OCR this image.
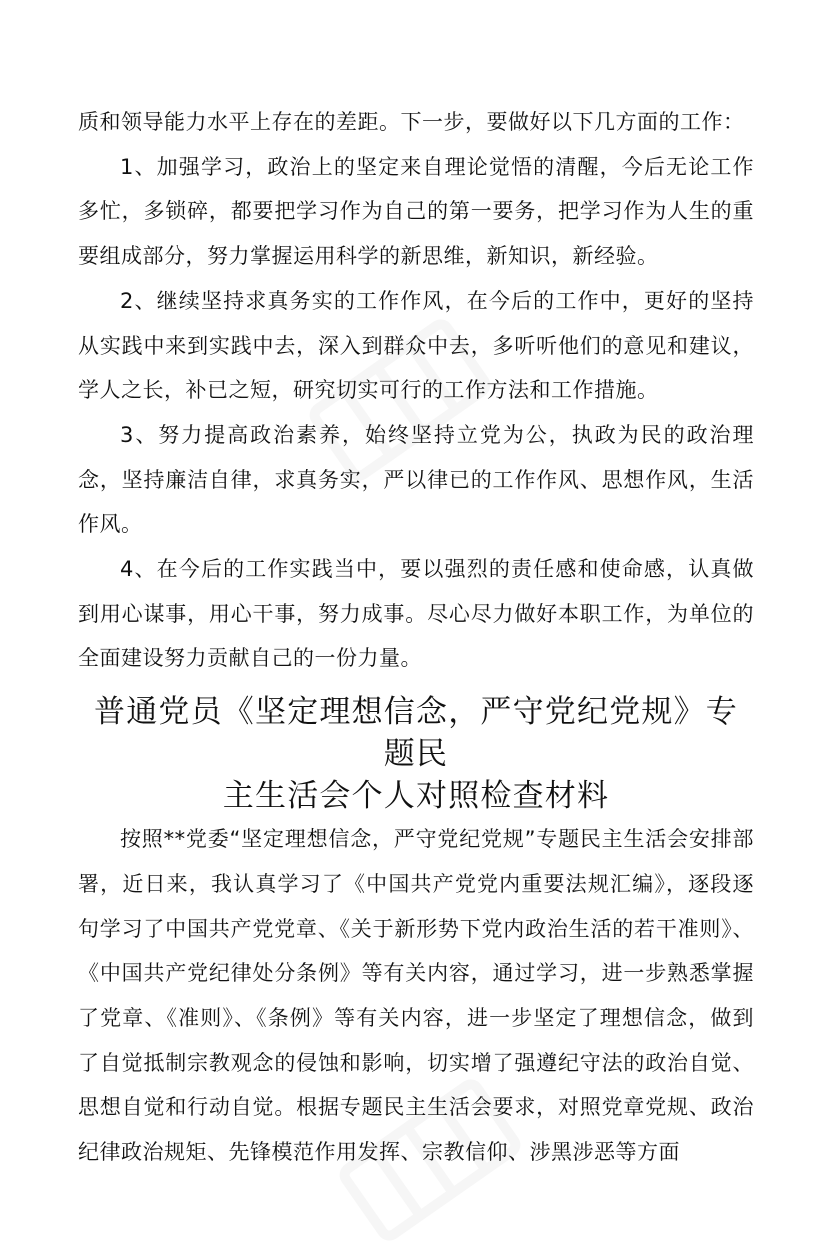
质和领导能力水平上存在的差距。下一步，要做好以下几方面的工作：

1、加强学习，政治上的坚定来自理论觉悟的清醒，今后无论工作多忙，多锁碎，都要把学习作为自己的第一要务，把学习作为人生的重要组成部分，努力掌握运用科学的新思维，新知识，新经验。

2、继续坚持求真务实的工作作风，在今后的工作中，更好的坚持从实践中来到实践中去，深入到群众中去，多听听他们的意见和建议，学人之长，补已之短，研究切实可行的工作方法和工作措施。

3、努力提高政治素养，始终坚持立党为公，执政为民的政治理念，坚持廉洁自律，求真务实，严以律已的工作作风、思想作风，生活作风。

4、在今后的工作实践当中，要以强烈的责任感和使命感，认真做到用心谋事，用心干事，努力成事。尽心尽力做好本职工作，为单位的全面建设努力贡献自己的一份力量。

普通党员《坚定理想信念，严守党纪党规》专题民
主生活会个人对照检查材料

按照**党委“坚定理想信念，严守党纪党规”专题民主生活会安排部署，近日来，我认真学习了《中国共产党党内重要法规汇编》，逐段逐句学习了中国共产党党章、《关于新形势下党内政治生活的若干准则》、《中国共产党纪律处分条例》等有关内容，通过学习，进一步熟悉掌握了党章、《准则》、《条例》等有关内容，进一步坚定了理想信念，做到了自觉抵制宗教观念的侵蚀和影响，切实增了强遵纪守法的政治自觉、思想自觉和行动自觉。根据专题民主生活会要求，对照党章党规、政治纪律政治规矩、先锋模范作用发挥、宗教信仰、涉黑涉恶等方面
